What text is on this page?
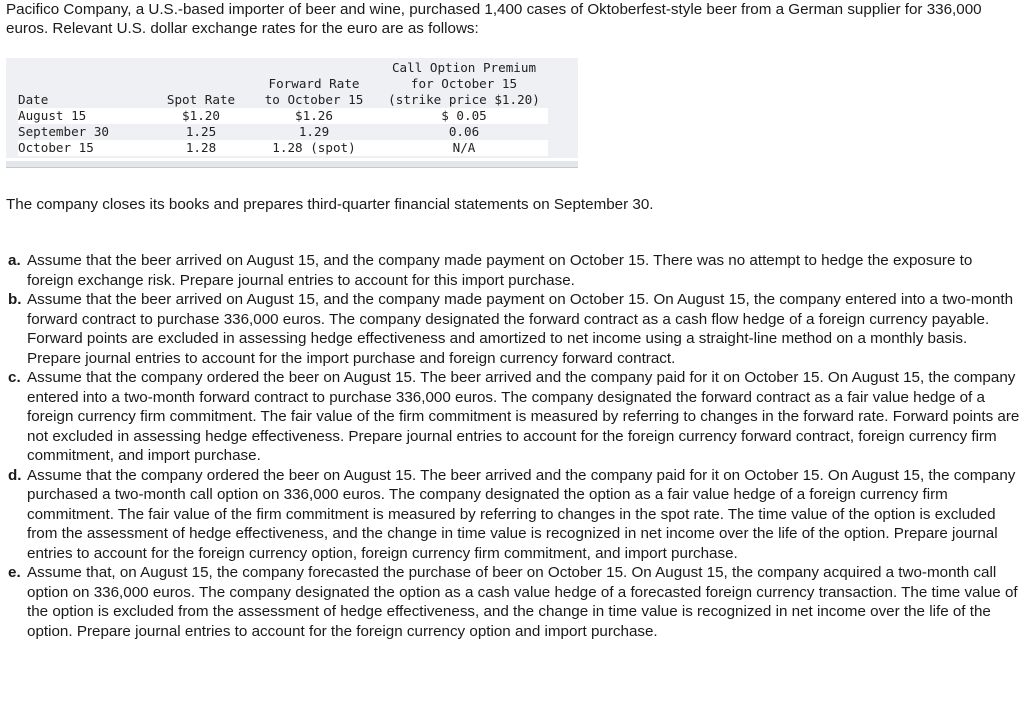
Pacifico Company, a U.S.-based importer of beer and wine, purchased 1,400 cases of Oktoberfest-style beer from a German supplier for 336,000 euros. Relevant U.S. dollar exchange rates for the euro are as follows:
			Call Option Premium
		Forward Rate	for October 15
Date	Spot Rate	to October 15	(strike price $1.20)
August 15	$1.20	$1.26	$ 0.05
September 30	1.25	1.29	0.06
October 15	1.28	1.28 (spot)	N/A
The company closes its books and prepares third-quarter financial statements on September 30.
a. Assume that the beer arrived on August 15, and the company made payment on October 15. There was no attempt to hedge the exposure to foreign exchange risk. Prepare journal entries to account for this import purchase.
b. Assume that the beer arrived on August 15, and the company made payment on October 15. On August 15, the company entered into a two-month forward contract to purchase 336,000 euros. The company designated the forward contract as a cash flow hedge of a foreign currency payable. Forward points are excluded in assessing hedge effectiveness and amortized to net income using a straight-line method on a monthly basis. Prepare journal entries to account for the import purchase and foreign currency forward contract.
c. Assume that the company ordered the beer on August 15. The beer arrived and the company paid for it on October 15. On August 15, the company entered into a two-month forward contract to purchase 336,000 euros. The company designated the forward contract as a fair value hedge of a foreign currency firm commitment. The fair value of the firm commitment is measured by referring to changes in the forward rate. Forward points are not excluded in assessing hedge effectiveness. Prepare journal entries to account for the foreign currency forward contract, foreign currency firm commitment, and import purchase.
d. Assume that the company ordered the beer on August 15. The beer arrived and the company paid for it on October 15. On August 15, the company purchased a two-month call option on 336,000 euros. The company designated the option as a fair value hedge of a foreign currency firm commitment. The fair value of the firm commitment is measured by referring to changes in the spot rate. The time value of the option is excluded from the assessment of hedge effectiveness, and the change in time value is recognized in net income over the life of the option. Prepare journal entries to account for the foreign currency option, foreign currency firm commitment, and import purchase.
e. Assume that, on August 15, the company forecasted the purchase of beer on October 15. On August 15, the company acquired a two-month call option on 336,000 euros. The company designated the option as a cash value hedge of a forecasted foreign currency transaction. The time value of the option is excluded from the assessment of hedge effectiveness, and the change in time value is recognized in net income over the life of the option. Prepare journal entries to account for the foreign currency option and import purchase.
